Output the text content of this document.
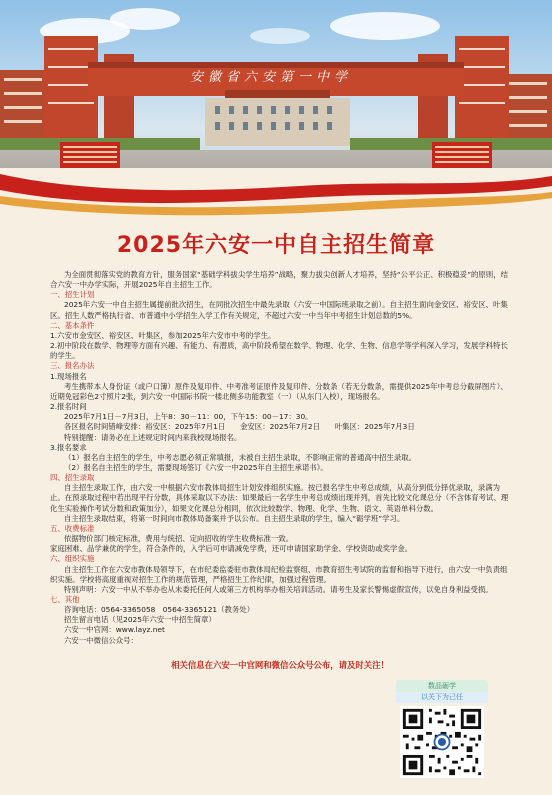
安徽省六安第一中学
2025年六安一中自主招生简章

为全面贯彻落实党的教育方针，服务国家“基础学科拔尖学生培养”战略，聚力拔尖创新人才培养，坚持“公平公正、积极稳妥”的原则，结合六安一中办学实际，开展2025年自主招生工作。

一、招生计划

2025年六安一中自主招生属提前批次招生，在同批次招生中最先录取（六安一中国际班录取之前）。自主招生面向金安区、裕安区、叶集区。招生人数严格执行省、市普通中小学招生入学工作有关规定，不超过六安一中当年中考招生计划总数的5%。

二、基本条件

1.六安市金安区、裕安区、叶集区，参加2025年六安市中考的学生。

2.初中阶段在数学、物理等方面有兴趣、有能力、有潜质，高中阶段希望在数学、物理、化学、生物、信息学等学科深入学习，发展学科特长的学生。

三、报名办法

1.现场报名

考生携带本人身份证（或户口簿）原件及复印件、中考准考证原件及复印件、分数条（若无分数条，需提供2025年中考总分截屏图片）、近期免冠彩色2寸照片2张，到六安一中国际书院一楼北侧多功能教室（一）（从东门入校），现场报名。

2.报名时间

2025年7月1日－7月3日，上午8：30－11：00，下午15：00－17：30。

各区报名时间错峰安排：裕安区：2025年7月1日　　金安区：2025年7月2日　　叶集区：2025年7月3日

特别提醒：请务必在上述规定时间内来我校现场报名。

3.报名要求

（1）报名自主招生的学生，中考志愿必须正常填报，未被自主招生录取，不影响正常的普通高中招生录取。

（2）报名自主招生的学生，需要现场签订《六安一中2025年自主招生承诺书》。

四、招生录取

自主招生录取工作，由六安一中根据六安市教体局招生计划安排组织实施。按已报名学生中考总成绩，从高分到低分择优录取，录满为止。在预录取过程中若出现平行分数，具体采取以下办法：如果最后一名学生中考总成绩出现并列，首先比较文化课总分（不含体育考试、理化生实验操作考试分数和政策加分），如果文化课总分相同，依次比较数学、物理、化学、生物、语文、英语单科分数。

自主招生录取结束，将第一时间向市教体局备案并予以公布。自主招生录取的学生，编入“砺学班”学习。

五、收费标准

依据物价部门核定标准，费用与统招、定向招收的学生收费标准一致。

家庭困难、品学兼优的学生，符合条件的，入学后可申请减免学费，还可申请国家助学金、学校资助或奖学金。

六、组织实施

自主招生工作在六安市教体局领导下，在市纪委监委驻市教体局纪检监察组、市教育招生考试院的监督和指导下进行，由六安一中负责组织实施。学校将高度重视对招生工作的规范管理，严格招生工作纪律，加强过程管理。

特别声明：六安一中从不举办也从未委托任何人或第三方机构举办相关培训活动。请考生及家长警惕虚假宣传，以免自身利益受损。

七、其他

咨询电话：0564-3365058　0564-3365121（教务处）

招生留言电话（见2025年六安一中招生简章）

六安一中官网：www.layz.net

六安一中微信公众号：

相关信息在六安一中官网和微信公众号公布，请及时关注！

数品砺学
以关下为己任
